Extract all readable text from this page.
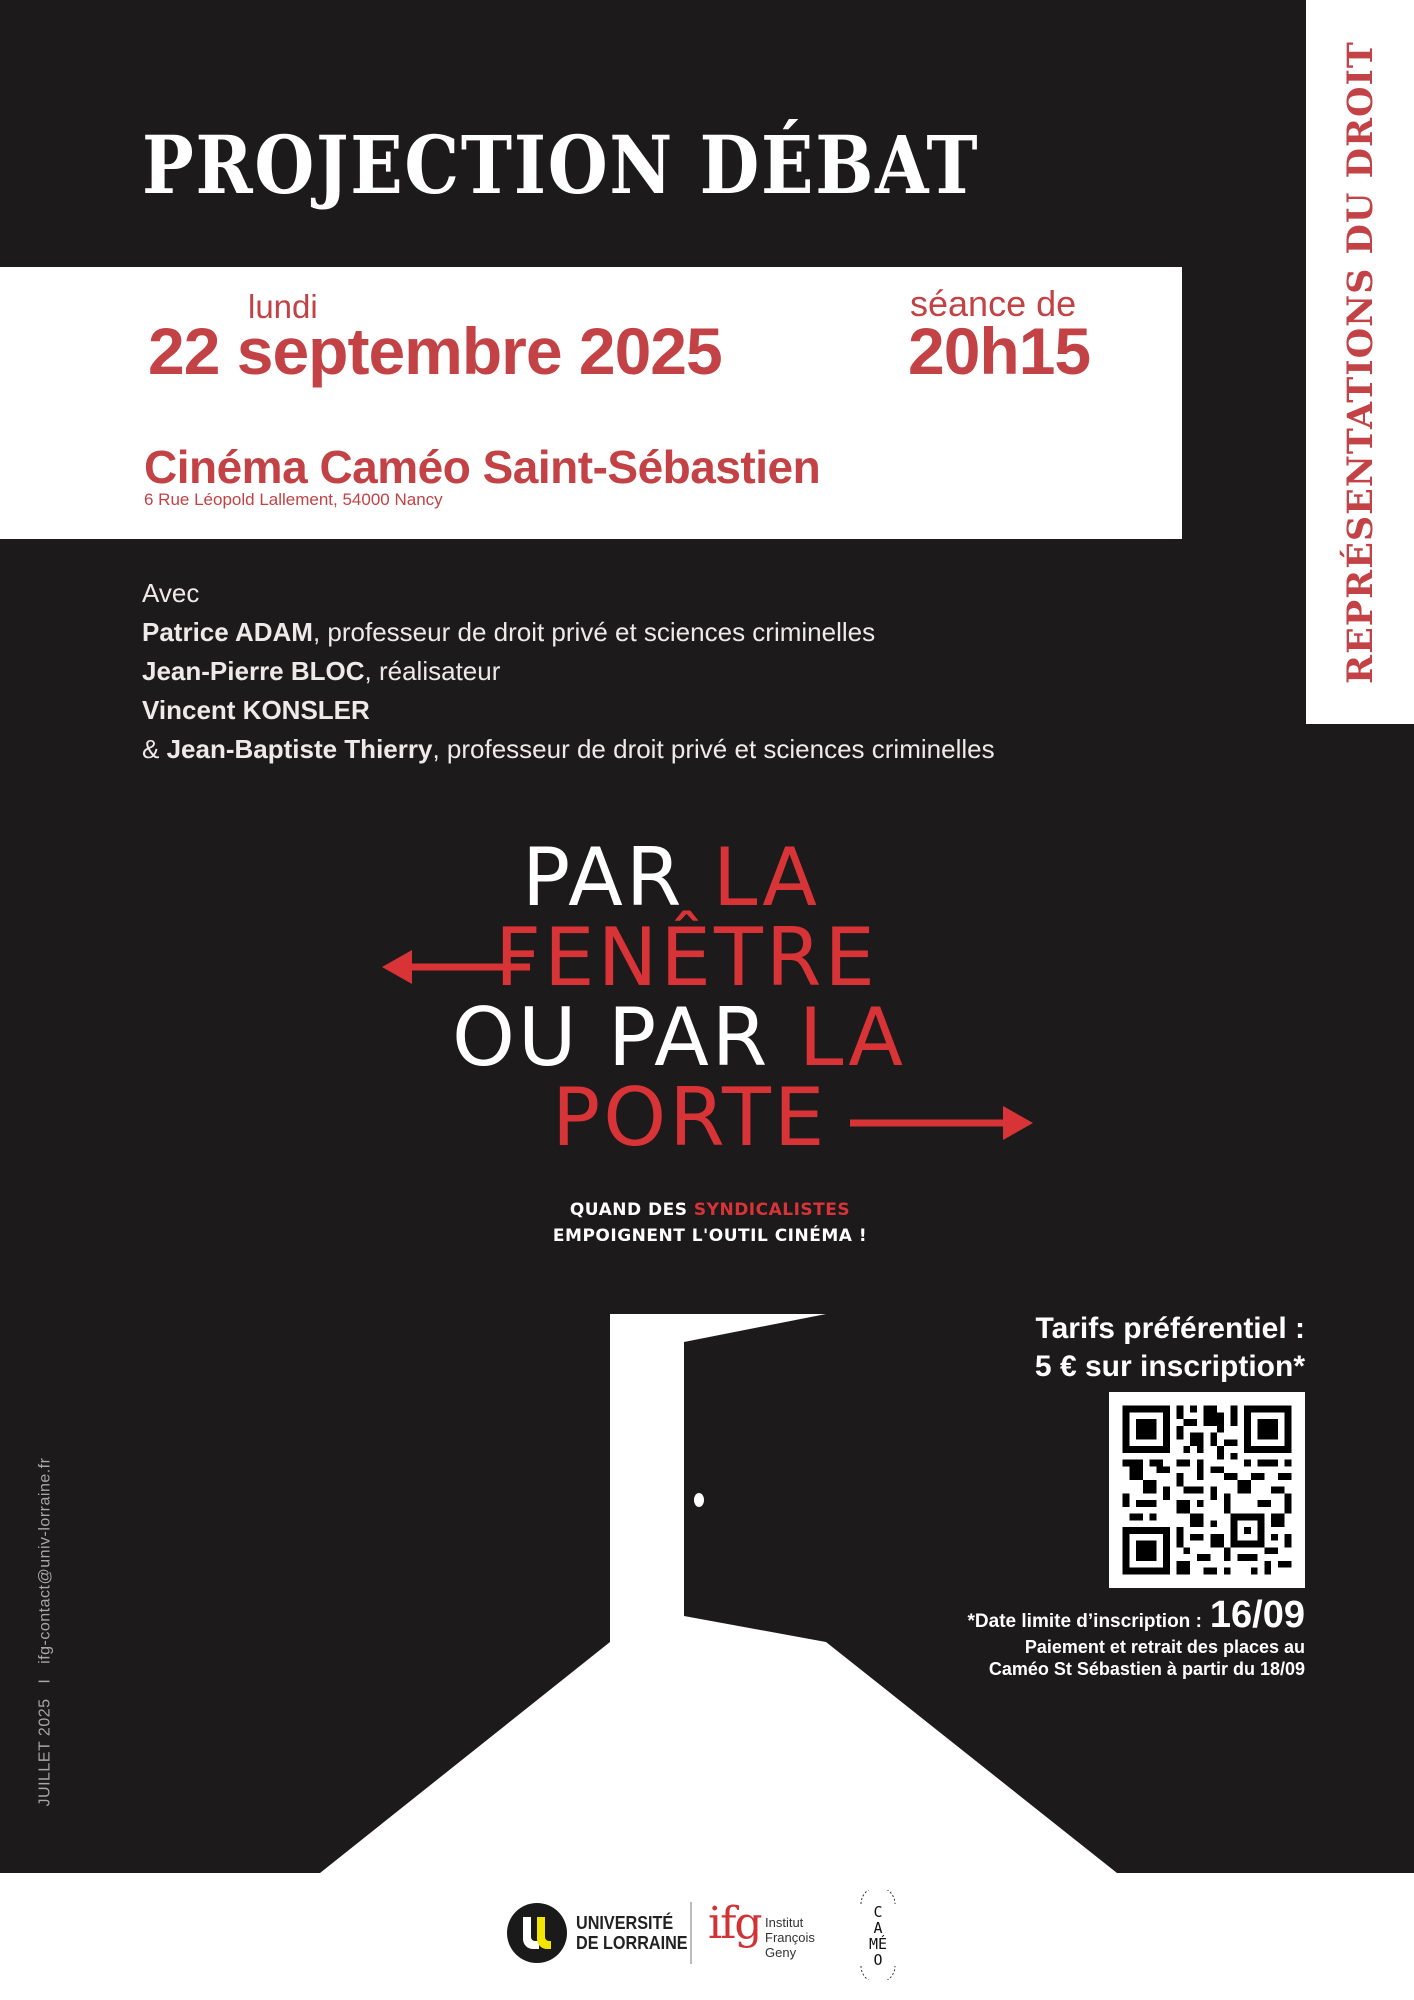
REPRÉSENTATIONS DU DROIT
PROJECTION DÉBAT
lundi
22 septembre 2025
séance de
20h15
Cinéma Caméo Saint-Sébastien
6 Rue Léopold Lallement, 54000 Nancy
Avec
Patrice ADAM, professeur de droit privé et sciences criminelles
Jean-Pierre BLOC, réalisateur
Vincent KONSLER
& Jean-Baptiste Thierry, professeur de droit privé et sciences criminelles
PAR LA
FENÊTRE
OU PAR LA
PORTE
QUAND DES SYNDICALISTES
EMPOIGNENT L'OUTIL CINÉMA !
Tarifs préférentiel :
5 € sur inscription*
*Date limite d’inscription : 16/09
Paiement et retrait des places au
Caméo St Sébastien à partir du 18/09
JUILLET 2025   I   ifg-contact@univ-lorraine.fr
UNIVERSITÉ
DE LORRAINE ifg Institut
François
Geny
C
A
MÉ
O
